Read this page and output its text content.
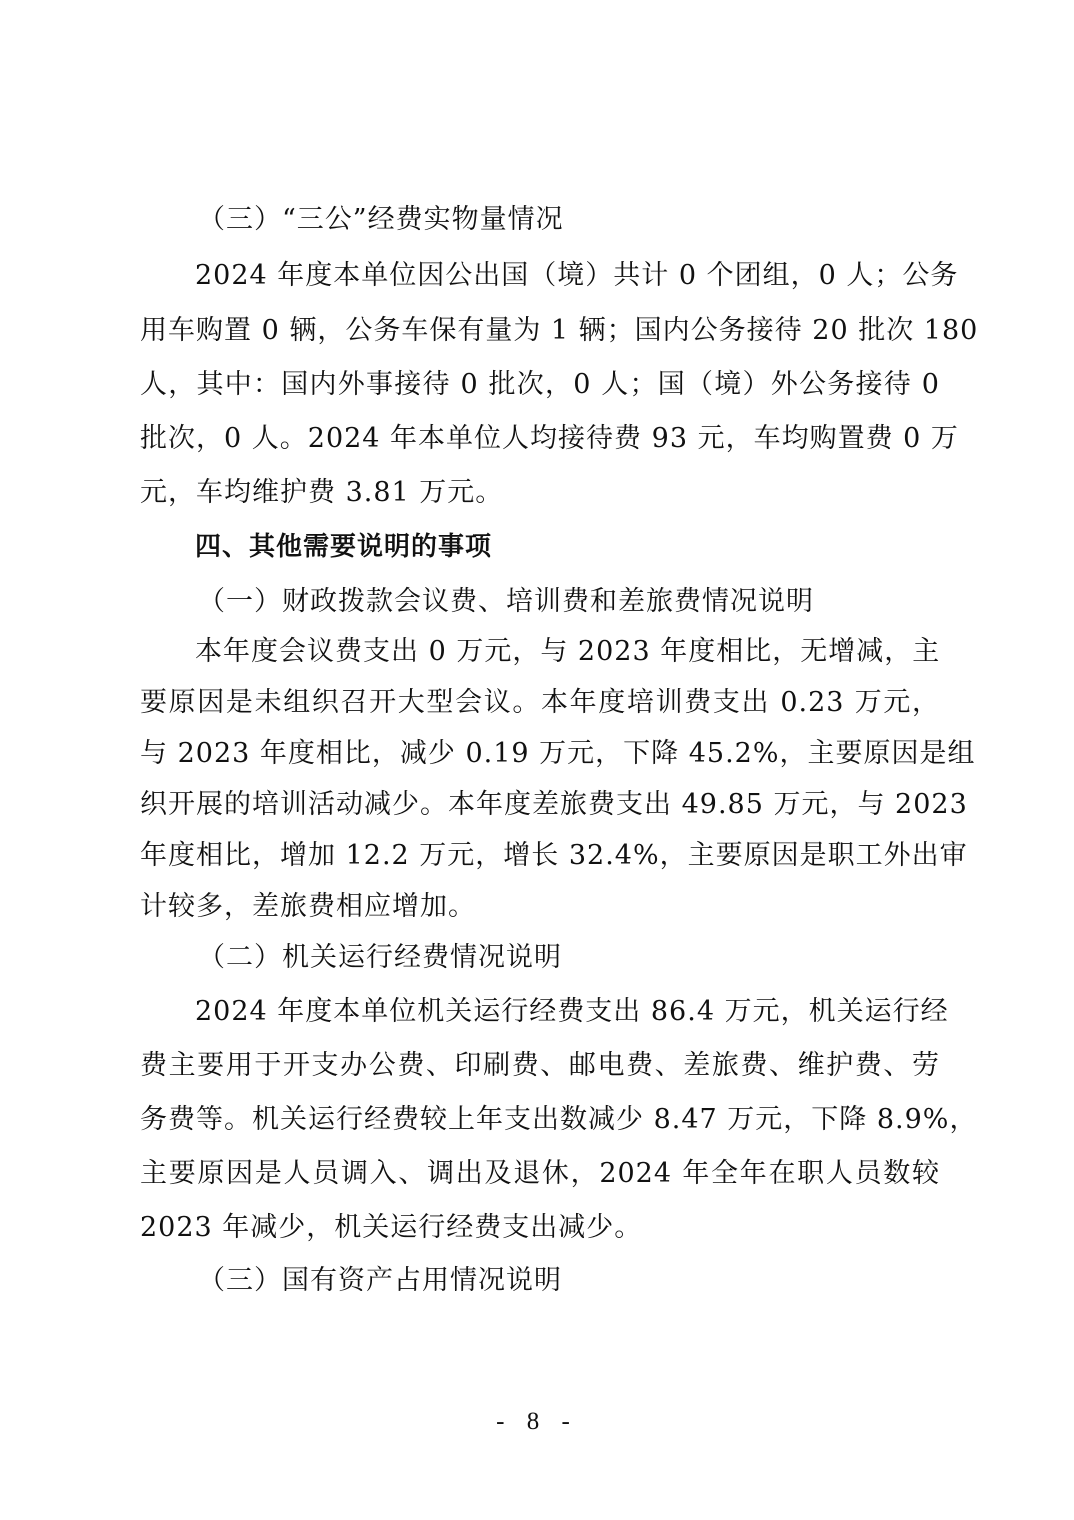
（三）“三公”经费实物量情况
2024 年度本单位因公出国（境）共计 0 个团组，0 人；公务
用车购置 0 辆，公务车保有量为 1 辆；国内公务接待 20 批次 180
人，其中：国内外事接待 0 批次，0 人；国（境）外公务接待 0
批次，0 人。2024 年本单位人均接待费 93 元，车均购置费 0 万
元，车均维护费 3.81 万元。
四、其他需要说明的事项
（一）财政拨款会议费、培训费和差旅费情况说明
本年度会议费支出 0 万元，与 2023 年度相比，无增减，主
要原因是未组织召开大型会议。本年度培训费支出 0.23 万元，
与 2023 年度相比，减少 0.19 万元，下降 45.2%，主要原因是组
织开展的培训活动减少。本年度差旅费支出 49.85 万元，与 2023
年度相比，增加 12.2 万元，增长 32.4%，主要原因是职工外出审
计较多，差旅费相应增加。
（二）机关运行经费情况说明
2024 年度本单位机关运行经费支出 86.4 万元，机关运行经
费主要用于开支办公费、印刷费、邮电费、差旅费、维护费、劳
务费等。机关运行经费较上年支出数减少 8.47 万元，下降 8.9%，
主要原因是人员调入、调出及退休，2024 年全年在职人员数较
2023 年减少，机关运行经费支出减少。
（三）国有资产占用情况说明
- 8 -
